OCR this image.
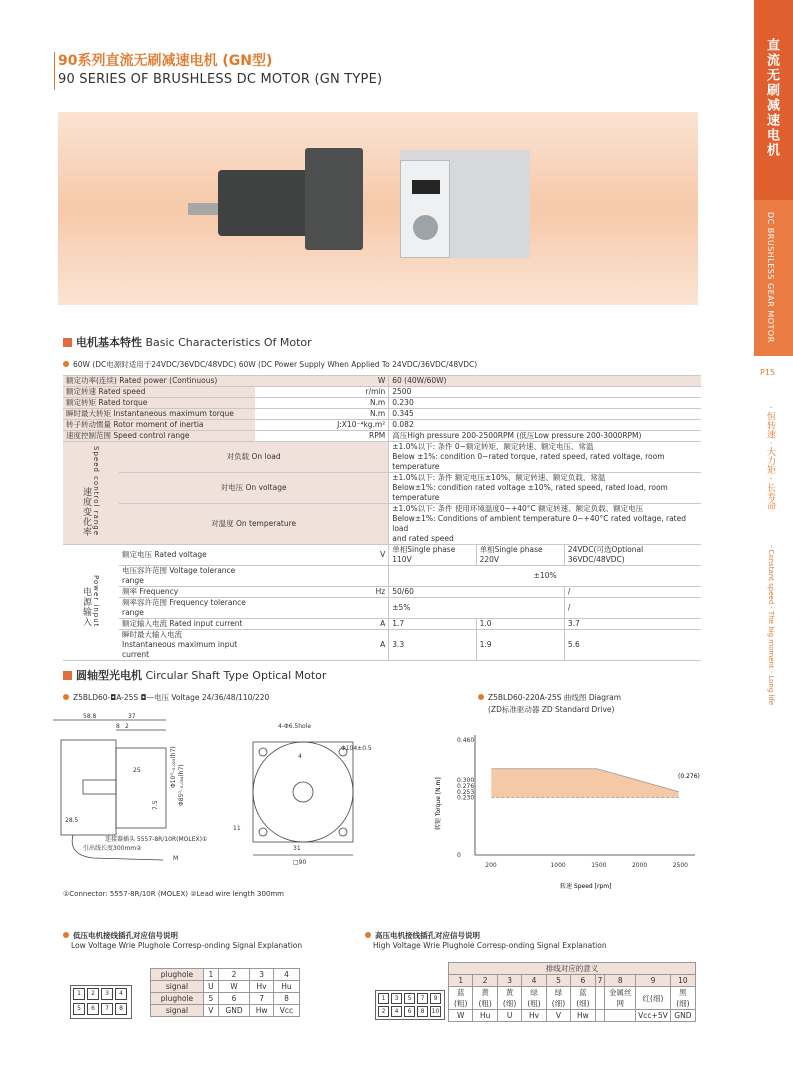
直流无刷减速电机
DC BRUSHLESS GEAR MOTOR
P15
· 恒转速 · 大力矩 · 长寿命
· Constant speed · The big moment · Long life
90系列直流无刷减速电机 (GN型)
90 SERIES OF BRUSHLESS DC MOTOR (GN TYPE)
电机基本特性 Basic Characteristics Of Motor
60W (DC电源时适用于24VDC/36VDC/48VDC) 60W (DC Power Supply When Applied To 24VDC/36VDC/48VDC)
额定功率(连续) Rated power (Continuous)		W	60 (40W/60W)		
额定转速 Rated speed		r/min	2500		
额定转矩 Rated torque		N.m	0.230		
瞬时最大转矩 Instantaneous maximum torque		N.m	0.345		
转子转动惯量 Rotor moment of inertia		J:X10⁻⁴kg.m²	0.082		
速度控制范围 Speed control range		RPM	高压High pressure 200-2500RPM (低压Low pressure 200-3000RPM)		
速度变化率Speed control range	对负载 On load		±1.0%以下: 条件 0~额定转矩、额定转速、额定电压、常温
Below ±1%: condition 0~rated torque, rated speed, rated voltage, room temperature		

	对电压 On voltage		±1.0%以下: 条件 额定电压±10%、额定转速、额定负载、常温
Below±1%: condition rated voltage ±10%, rated speed, rated load, room temperature		

	对温度 On temperature		±1.0%以下: 条件 使用环境温度0~+40°C 额定转速、额定负载、额定电压
Below±1%: Conditions of ambient temperature 0~+40°C rated voltage, rated load
and rated speed		

电源输入Power input	额定电压 Rated voltage	V	单相Single phase 110V	单相Single phase 220V	24VDC(可选Optional 36VDC/48VDC)
	电压容许范围 Voltage tolerance range		±10%		
	频率 Frequency	Hz	50/60		/
	频率容许范围 Frequency tolerance range		±5%		/
	额定输入电流 Rated input current	A	1.7	1.0	3.7

	瞬时最大输入电流
Instantaneous maximum input current	A	3.3	1.9	5.6
圆轴型光电机 Circular Shaft Type Optical Motor
Z5BLD60-◘A-25S ◘—电压 Voltage 24/36/48/110/220	Z5BLD60-220A-25S 曲线图 Diagram
(ZD标准驱动器 ZD Standard Drive)
58.8	37
8 2
25	Φ10⁰₋₀.₀₁₅(h7) Φ85⁰₋₀.₀₅₄(h7)
7.5
28.5
连接器插头 5557-8R/10R(MOLEX)①
引出线长度300mm②
M
4-Φ6.5hole
Φ104±0.5
4
11
31
□90
①Connector: 5557-8R/10R (MOLEX) ②Lead wire length 300mm
200	1000	1500	2000	2500
0
0.230
0.253
0.276
0.300
0.460
(0.276)
转速 Speed [rpm]
转矩 Torque [N.m]
低压电机接线插孔对应信号说明
Low Voltage Wrie Plughole Corresp-onding Signal Explanation
1	2	3	4
5	6	7	8
plughole	1	2	3	4
signal	U	W	Hv	Hu
plughole	5	6	7	8
signal	V	GND	Hw	Vcc
高压电机接线插孔对应信号说明
High Voltage Wrie Plughole Corresp-onding Signal Explanation
1	3	5	7	9
2	4	6	8	10
排线对应的意义									
1	2	3	4	5	6	7	8	9	10
蓝(粗)	黄(粗)	黄(细)	绿(粗)	绿(细)	蓝(细)		金属丝网	红(细)	黑(细)
W	Hu	U	Hv	V	Hw			Vcc+5V	GND
